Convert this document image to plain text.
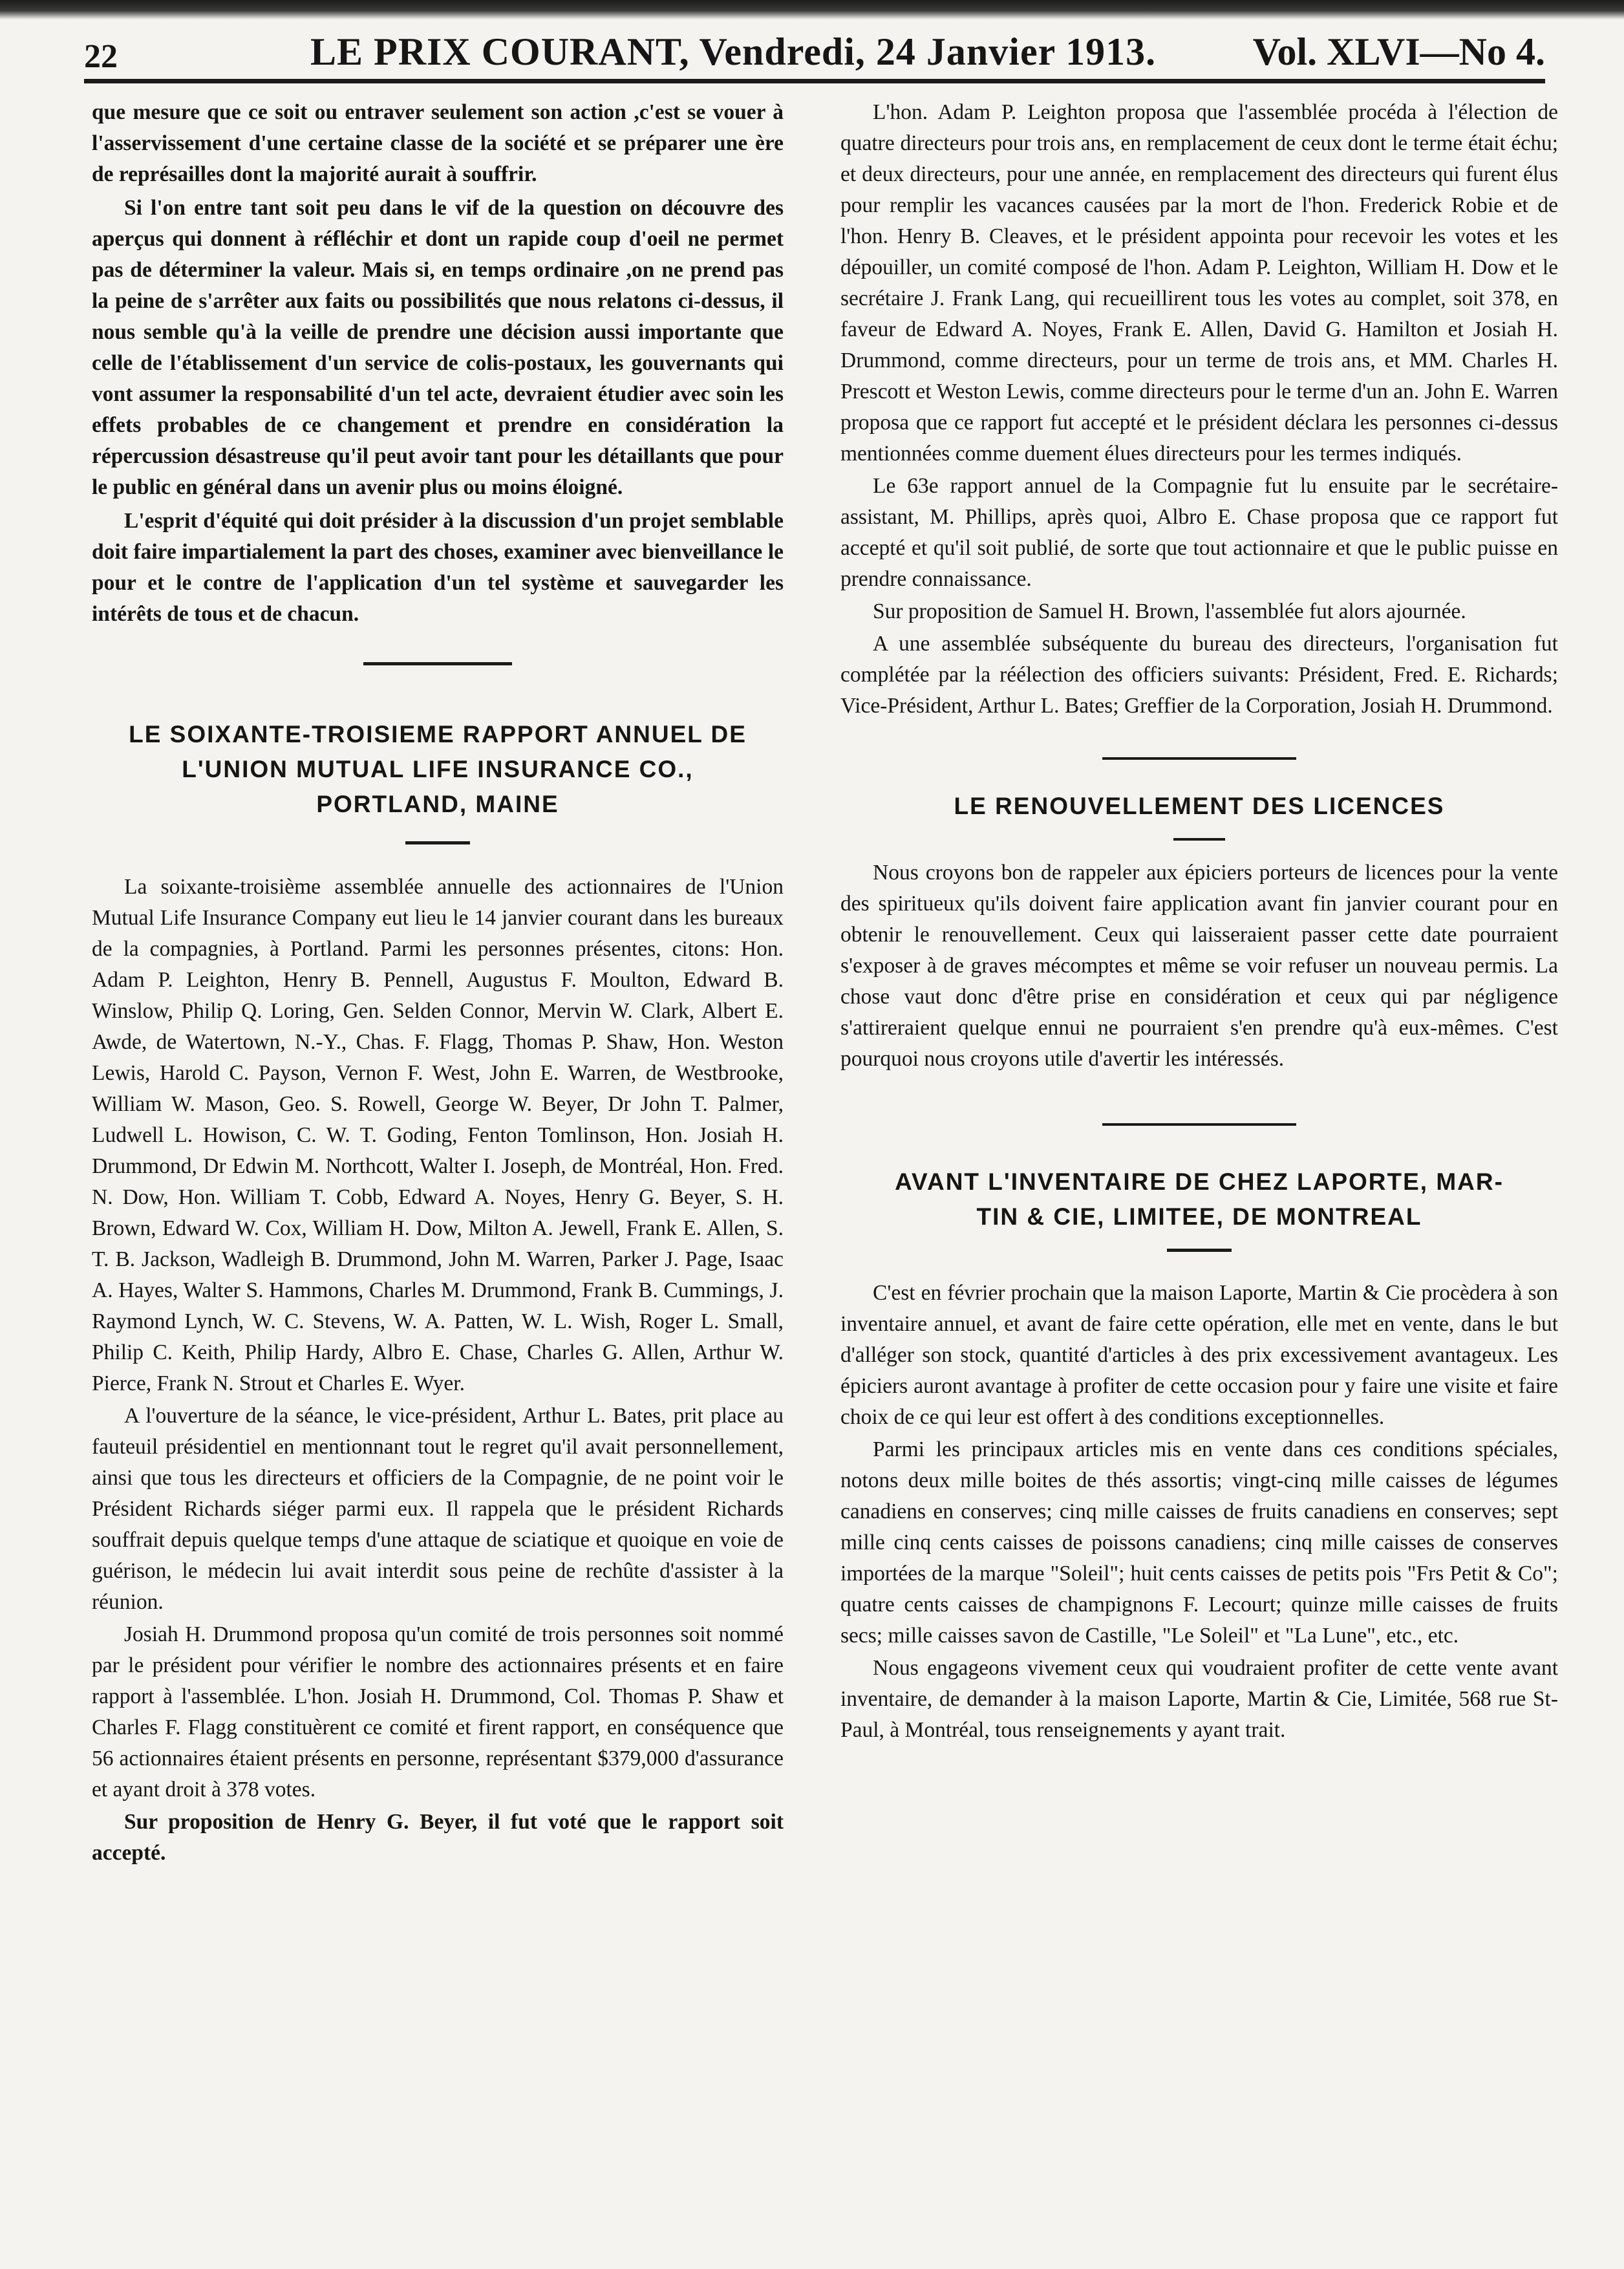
22	LE PRIX COURANT, Vendredi, 24 Janvier 1913. Vol. XLVI—No 4.

que mesure que ce soit ou entraver seulement son action ,c'est se vouer à l'asservissement d'une certaine classe de la société et se préparer une ère de représailles dont la majorité aurait à souffrir.

Si l'on entre tant soit peu dans le vif de la question on découvre des aperçus qui donnent à réfléchir et dont un rapide coup d'oeil ne permet pas de déterminer la valeur. Mais si, en temps ordinaire ,on ne prend pas la peine de s'arrêter aux faits ou possibilités que nous relatons ci-dessus, il nous semble qu'à la veille de prendre une décision aussi importante que celle de l'établissement d'un service de colis-postaux, les gouvernants qui vont assumer la responsabilité d'un tel acte, devraient étudier avec soin les effets probables de ce changement et prendre en considération la répercussion désastreuse qu'il peut avoir tant pour les détaillants que pour le public en général dans un avenir plus ou moins éloigné.

L'esprit d'équité qui doit présider à la discussion d'un projet semblable doit faire impartialement la part des choses, examiner avec bienveillance le pour et le contre de l'application d'un tel système et sauvegarder les intérêts de tous et de chacun.

LE SOIXANTE-TROISIEME RAPPORT ANNUEL DE
L'UNION MUTUAL LIFE INSURANCE CO.,
PORTLAND, MAINE

La soixante-troisième assemblée annuelle des actionnaires de l'Union Mutual Life Insurance Company eut lieu le 14 janvier courant dans les bureaux de la compagnies, à Portland. Parmi les personnes présentes, citons: Hon. Adam P. Leighton, Henry B. Pennell, Augustus F. Moulton, Edward B. Winslow, Philip Q. Loring, Gen. Selden Connor, Mervin W. Clark, Albert E. Awde, de Watertown, N.-Y., Chas. F. Flagg, Thomas P. Shaw, Hon. Weston Lewis, Harold C. Payson, Vernon F. West, John E. Warren, de Westbrooke, William W. Mason, Geo. S. Rowell, George W. Beyer, Dr John T. Palmer, Ludwell L. Howison, C. W. T. Goding, Fenton Tomlinson, Hon. Josiah H. Drummond, Dr Edwin M. Northcott, Walter I. Joseph, de Montréal, Hon. Fred. N. Dow, Hon. William T. Cobb, Edward A. Noyes, Henry G. Beyer, S. H. Brown, Edward W. Cox, William H. Dow, Milton A. Jewell, Frank E. Allen, S. T. B. Jackson, Wadleigh B. Drummond, John M. Warren, Parker J. Page, Isaac A. Hayes, Walter S. Hammons, Charles M. Drummond, Frank B. Cummings, J. Raymond Lynch, W. C. Stevens, W. A. Patten, W. L. Wish, Roger L. Small, Philip C. Keith, Philip Hardy, Albro E. Chase, Charles G. Allen, Arthur W. Pierce, Frank N. Strout et Charles E. Wyer.

A l'ouverture de la séance, le vice-président, Arthur L. Bates, prit place au fauteuil présidentiel en mentionnant tout le regret qu'il avait personnellement, ainsi que tous les directeurs et officiers de la Compagnie, de ne point voir le Président Richards siéger parmi eux. Il rappela que le président Richards souffrait depuis quelque temps d'une attaque de sciatique et quoique en voie de guérison, le médecin lui avait interdit sous peine de rechûte d'assister à la réunion.

Josiah H. Drummond proposa qu'un comité de trois personnes soit nommé par le président pour vérifier le nombre des actionnaires présents et en faire rapport à l'assemblée. L'hon. Josiah H. Drummond, Col. Thomas P. Shaw et Charles F. Flagg constituèrent ce comité et firent rapport, en conséquence que 56 actionnaires étaient présents en personne, représentant $379,000 d'assurance et ayant droit à 378 votes.

Sur proposition de Henry G. Beyer, il fut voté que le rapport soit accepté.

L'hon. Adam P. Leighton proposa que l'assemblée procéda à l'élection de quatre directeurs pour trois ans, en remplacement de ceux dont le terme était échu; et deux directeurs, pour une année, en remplacement des directeurs qui furent élus pour remplir les vacances causées par la mort de l'hon. Frederick Robie et de l'hon. Henry B. Cleaves, et le président appointa pour recevoir les votes et les dépouiller, un comité composé de l'hon. Adam P. Leighton, William H. Dow et le secrétaire J. Frank Lang, qui recueillirent tous les votes au complet, soit 378, en faveur de Edward A. Noyes, Frank E. Allen, David G. Hamilton et Josiah H. Drummond, comme directeurs, pour un terme de trois ans, et MM. Charles H. Prescott et Weston Lewis, comme directeurs pour le terme d'un an. John E. Warren proposa que ce rapport fut accepté et le président déclara les personnes ci-dessus mentionnées comme duement élues directeurs pour les termes indiqués.

Le 63e rapport annuel de la Compagnie fut lu ensuite par le secrétaire-assistant, M. Phillips, après quoi, Albro E. Chase proposa que ce rapport fut accepté et qu'il soit publié, de sorte que tout actionnaire et que le public puisse en prendre connaissance.

Sur proposition de Samuel H. Brown, l'assemblée fut alors ajournée.

A une assemblée subséquente du bureau des directeurs, l'organisation fut complétée par la réélection des officiers suivants: Président, Fred. E. Richards; Vice-Président, Arthur L. Bates; Greffier de la Corporation, Josiah H. Drummond.

LE RENOUVELLEMENT DES LICENCES

Nous croyons bon de rappeler aux épiciers porteurs de licences pour la vente des spiritueux qu'ils doivent faire application avant fin janvier courant pour en obtenir le renouvellement. Ceux qui laisseraient passer cette date pourraient s'exposer à de graves mécomptes et même se voir refuser un nouveau permis. La chose vaut donc d'être prise en considération et ceux qui par négligence s'attireraient quelque ennui ne pourraient s'en prendre qu'à eux-mêmes. C'est pourquoi nous croyons utile d'avertir les intéressés.

AVANT L'INVENTAIRE DE CHEZ LAPORTE, MAR-
TIN & CIE, LIMITEE, DE MONTREAL

C'est en février prochain que la maison Laporte, Martin & Cie procèdera à son inventaire annuel, et avant de faire cette opération, elle met en vente, dans le but d'alléger son stock, quantité d'articles à des prix excessivement avantageux. Les épiciers auront avantage à profiter de cette occasion pour y faire une visite et faire choix de ce qui leur est offert à des conditions exceptionnelles.

Parmi les principaux articles mis en vente dans ces conditions spéciales, notons deux mille boites de thés assortis; vingt-cinq mille caisses de légumes canadiens en conserves; cinq mille caisses de fruits canadiens en conserves; sept mille cinq cents caisses de poissons canadiens; cinq mille caisses de conserves importées de la marque "Soleil"; huit cents caisses de petits pois "Frs Petit & Co"; quatre cents caisses de champignons F. Lecourt; quinze mille caisses de fruits secs; mille caisses savon de Castille, "Le Soleil" et "La Lune", etc., etc.

Nous engageons vivement ceux qui voudraient profiter de cette vente avant inventaire, de demander à la maison Laporte, Martin & Cie, Limitée, 568 rue St-Paul, à Montréal, tous renseignements y ayant trait.
